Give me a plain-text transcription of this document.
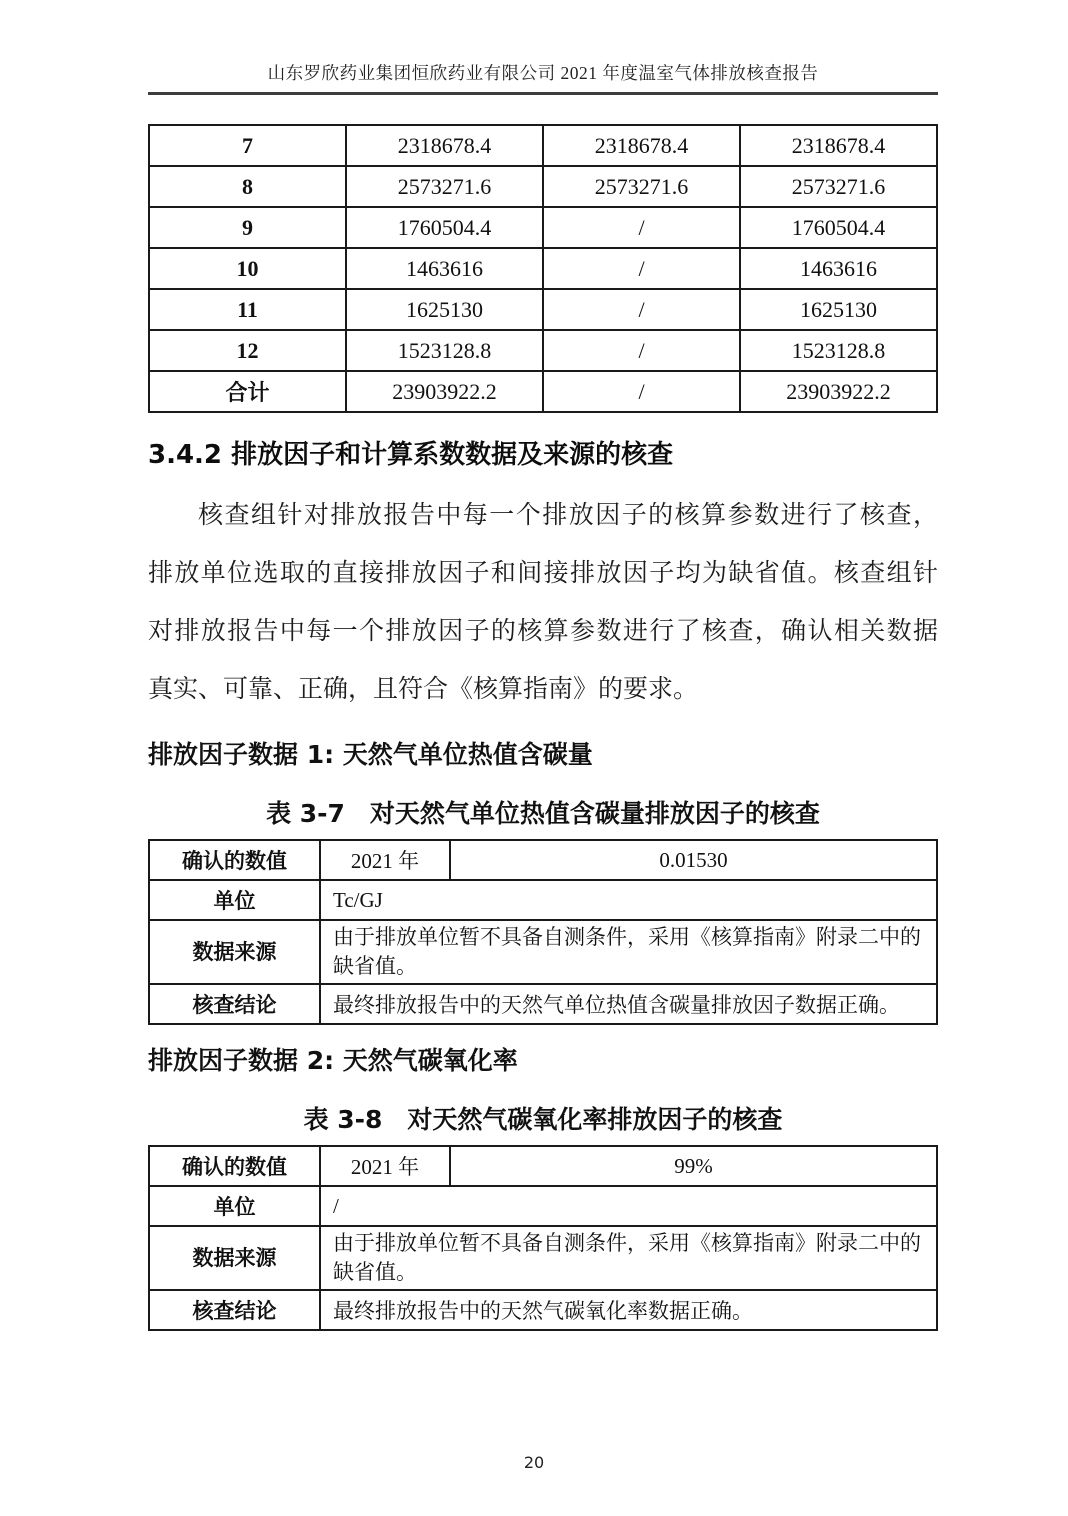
山东罗欣药业集团恒欣药业有限公司 2021 年度温室气体排放核查报告
7	2318678.4	2318678.4	2318678.4
8	2573271.6	2573271.6	2573271.6
9	1760504.4	/	1760504.4
10	1463616	/	1463616
11	1625130	/	1625130
12	1523128.8	/	1523128.8
合计	23903922.2	/	23903922.2
3.4.2 排放因子和计算系数数据及来源的核查
核查组针对排放报告中每一个排放因子的核算参数进行了核查，
排放单位选取的直接排放因子和间接排放因子均为缺省值。核查组针
对排放报告中每一个排放因子的核算参数进行了核查，确认相关数据
真实、可靠、正确，且符合《核算指南》的要求。
排放因子数据 1: 天然气单位热值含碳量
表 3-7　对天然气单位热值含碳量排放因子的核查
确认的数值	2021 年	0.01530
单位	Tc/GJ	
数据来源	由于排放单位暂不具备自测条件，采用《核算指南》附录二中的缺省值。	
核查结论	最终排放报告中的天然气单位热值含碳量排放因子数据正确。	
排放因子数据 2: 天然气碳氧化率
表 3-8　对天然气碳氧化率排放因子的核查
确认的数值	2021 年	99%
单位	/	
数据来源	由于排放单位暂不具备自测条件，采用《核算指南》附录二中的缺省值。	
核查结论	最终排放报告中的天然气碳氧化率数据正确。	
20
